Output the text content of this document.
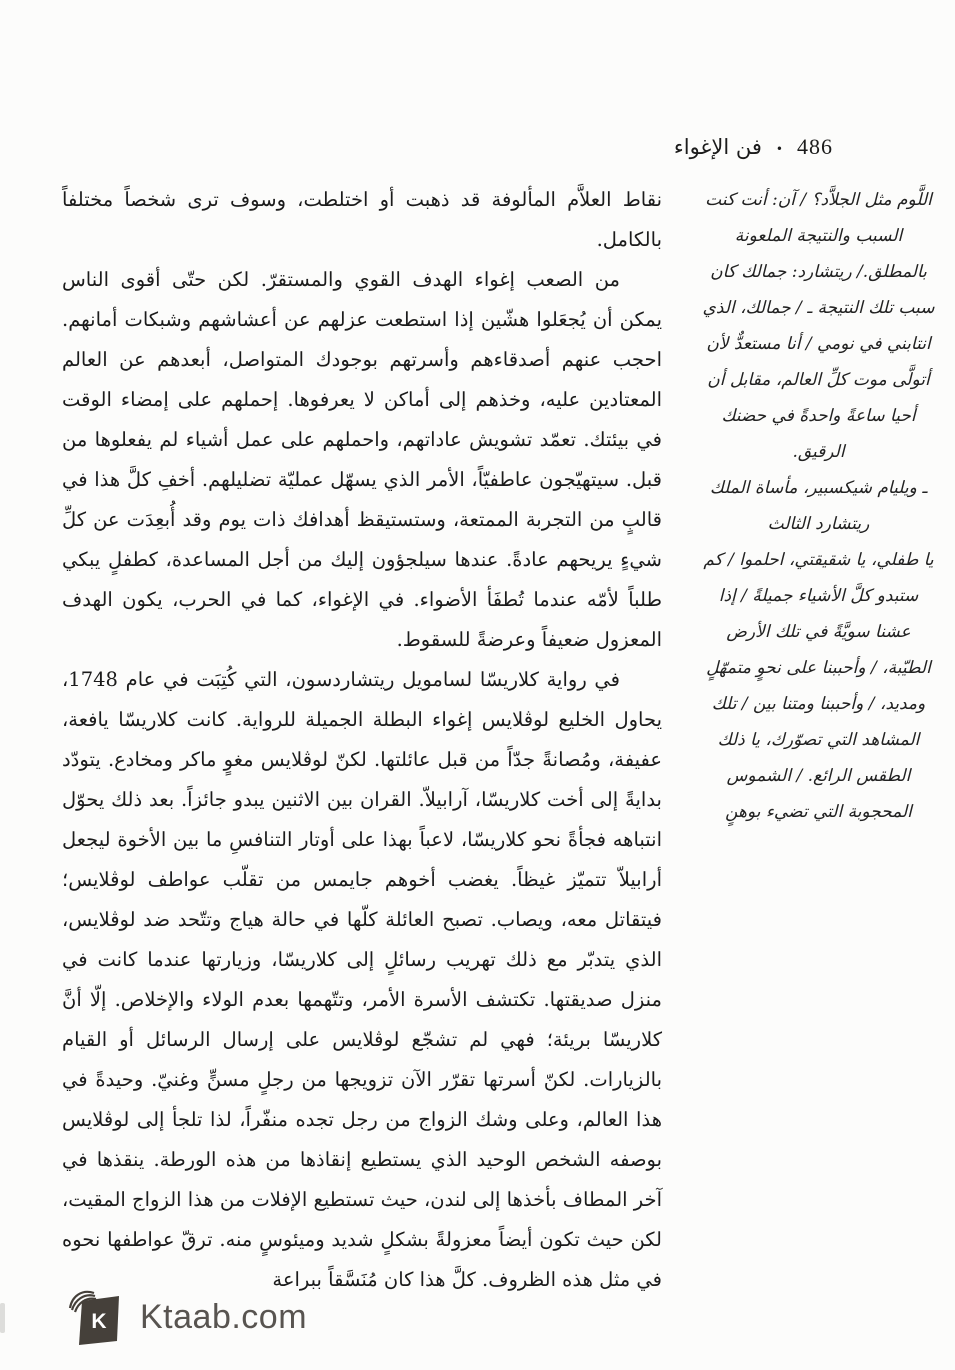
486
•
فن الإغواء

نقاط العلاَّم المألوفة قد ذهبت أو اختلطت، وسوف ترى شخصاً مختلفاً بالكامل.

من الصعب إغواء الهدف القوي والمستقرّ. لكن حتّى أقوى الناس يمكن أن يُجعَلوا هشّين إذا استطعت عزلهم عن أعشاشهم وشبكات أمانهم. احجب عنهم أصدقاءهم وأسرتهم بوجودك المتواصل، أبعدهم عن العالم المعتادين عليه، وخذهم إلى أماكن لا يعرفوها. إحملهم على إمضاء الوقت في بيئتك. تعمّد تشويش عاداتهم، واحملهم على عمل أشياء لم يفعلوها من قبل. سيتهيّجون عاطفيّاً، الأمر الذي يسهّل عمليّة تضليلهم. أخفِ كلَّ هذا في قالبٍ من التجربة الممتعة، وستستيقظ أهدافك ذات يوم وقد أُبعِدَت عن كلِّ شيءٍ يريحهم عادةً. عندها سيلجؤون إليك من أجل المساعدة، كطفلٍ يبكي طلباً لأمّه عندما تُطفَأ الأضواء. في الإغواء، كما في الحرب، يكون الهدف المعزول ضعيفاً وعرضةً للسقوط.

في رواية كلاريسّا لسامويل ريتشاردسون، التي كُتِبَت في عام 1748، يحاول الخليع لوڤلايس إغواء البطلة الجميلة للرواية. كانت كلاريسّا يافعة، عفيفة، ومُصانةً جدّاً من قبل عائلتها. لكنّ لوڤلايس مغوٍ ماكر ومخادع. يتودّد بدايةً إلى أخت كلاريسّا، آرابيلاّ. القران بين الاثنين يبدو جائزاً. بعد ذلك يحوّل انتباهه فجأةً نحو كلاريسّا، لاعباً بهذا على أوتار التنافسِ ما بين الأخوة ليجعل أرابيلاّ تتميّز غيظاً. يغضب أخوهم جايمس من تقلّب عواطف لوڤلايس؛ فيتقاتل معه، ويصاب. تصبح العائلة كلّها في حالة هياج وتتّحد ضد لوڤلايس، الذي يتدبّر مع ذلك تهريب رسائلٍ إلى كلاريسّا، وزيارتها عندما كانت في منزل صديقتها. تكتشف الأسرة الأمر، وتتّهمها بعدم الولاء والإخلاص. إلّا أنَّ كلاريسّا بريئة؛ فهي لم تشجّع لوڤلايس على إرسال الرسائل أو القيام بالزيارات. لكنّ أسرتها تقرّر الآن تزويجها من رجلٍ مسنٍّ وغنيّ. وحيدةً في هذا العالم، وعلى وشك الزواج من رجل تجده منفّراً، لذا تلجأ إلى لوڤلايس بوصفه الشخص الوحيد الذي يستطيع إنقاذها من هذه الورطة. ينقذها في آخر المطاف بأخذها إلى لندن، حيث تستطيع الإفلات من هذا الزواج المقيت، لكن حيث تكون أيضاً معزولةً بشكلٍ شديد وميئوسٍ منه. ترقّ عواطفها نحوه في مثل هذه الظروف. كلَّ هذا كان مُنَسَّقاً ببراعة

اللَّوم مثل الجلاَّد؟ / آن: أنت كنت السبب والنتيجة الملعونة بالمطلق./ ريتشارد: جمالك كان سبب تلك النتيجة ـ / جمالك، الذي انتابني في نومي / أنا مستعدٌّ لأن أتولَّى موت كلِّ العالم، مقابل أن أحيا ساعةً واحدةً في حضنك الرقيق.

ـ ويليام شيكسبير، مأساة الملك ريتشارد الثالث

يا طفلي، يا شقيقتي، احلموا / كم ستبدو كلَّ الأشياء جميلةً / إذا عشنا سويَّةً في تلك الأرض الطيّبة، / وأحببنا على نحوٍ متمهّلٍ ومديد، / وأحببنا ومتنا بين / تلك المشاهد التي تصوّرك، يا ذلك الطقس الرائع. / الشموس المحجوبة التي تضيء بوهنٍ

K Ktaab.com
